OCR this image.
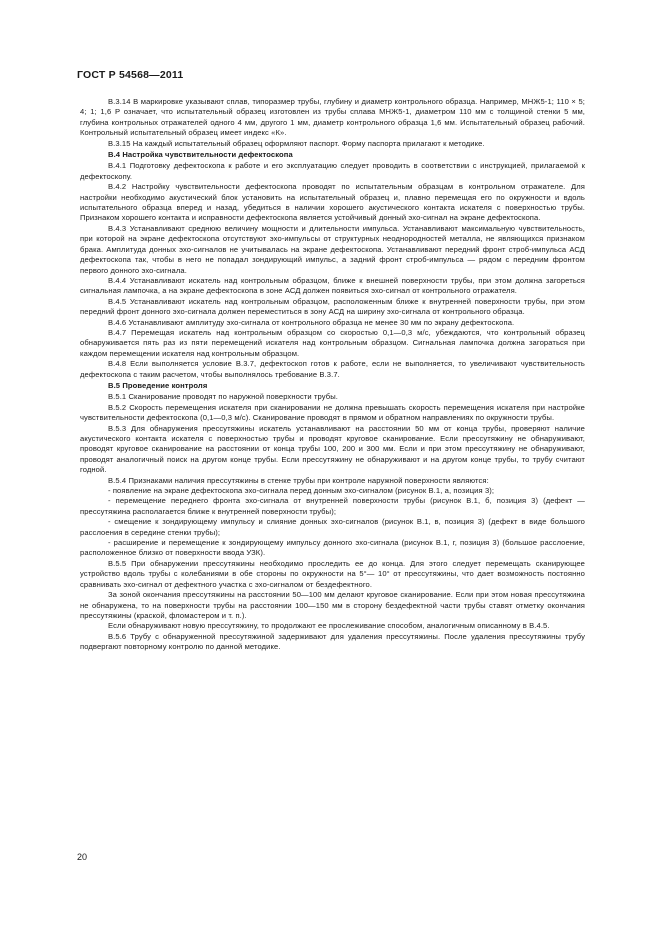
ГОСТ Р 54568—2011

В.3.14 В маркировке указывают сплав, типоразмер трубы, глубину и диаметр контрольного образца. Например, МНЖ5-1; 110 × 5; 4; 1; 1,6 Р означает, что испытательный образец изготовлен из трубы сплава МНЖ5-1, диаметром 110 мм с толщиной стенки 5 мм, глубина контрольных отражателей одного 4 мм, другого 1 мм, диаметр контрольного образца 1,6 мм. Испытательный образец рабочий. Контрольный испытательный образец имеет индекс «К».

В.3.15 На каждый испытательный образец оформляют паспорт. Форму паспорта прилагают к методике.

В.4 Настройка чувствительности дефектоскопа

В.4.1 Подготовку дефектоскопа к работе и его эксплуатацию следует проводить в соответствии с инструкцией, прилагаемой к дефектоскопу.

В.4.2 Настройку чувствительности дефектоскопа проводят по испытательным образцам в контрольном отражателе. Для настройки необходимо акустический блок установить на испытательный образец и, плавно перемещая его по окружности и вдоль испытательного образца вперед и назад, убедиться в наличии хорошего акустического контакта искателя с поверхностью трубы. Признаком хорошего контакта и исправности дефектоскопа является устойчивый донный эхо-сигнал на экране дефектоскопа.

В.4.3 Устанавливают среднюю величину мощности и длительности импульса. Устанавливают максимальную чувствительность, при которой на экране дефектоскопа отсутствуют эхо-импульсы от структурных неоднородностей металла, не являющихся признаком брака. Амплитуда донных эхо-сигналов не учитывалась на экране дефектоскопа. Устанавливают передний фронт строб-импульса АСД дефектоскопа так, чтобы в него не попадал зондирующий импульс, а задний фронт строб-импульса — рядом с передним фронтом первого донного эхо-сигнала.

В.4.4 Устанавливают искатель над контрольным образцом, ближе к внешней поверхности трубы, при этом должна загореться сигнальная лампочка, а на экране дефектоскопа в зоне АСД должен появиться эхо-сигнал от контрольного отражателя.

В.4.5 Устанавливают искатель над контрольным образцом, расположенным ближе к внутренней поверхности трубы, при этом передний фронт донного эхо-сигнала должен переместиться в зону АСД на ширину эхо-сигнала от контрольного образца.

В.4.6 Устанавливают амплитуду эхо-сигнала от контрольного образца не менее 30 мм по экрану дефектоскопа.

В.4.7 Перемещая искатель над контрольным образцом со скоростью 0,1—0,3 м/с, убеждаются, что контрольный образец обнаруживается пять раз из пяти перемещений искателя над контрольным образцом. Сигнальная лампочка должна загораться при каждом перемещении искателя над контрольным образцом.

В.4.8 Если выполняется условие В.3.7, дефектоскоп готов к работе, если не выполняется, то увеличивают чувствительность дефектоскопа с таким расчетом, чтобы выполнялось требование В.3.7.

В.5 Проведение контроля

В.5.1 Сканирование проводят по наружной поверхности трубы.

В.5.2 Скорость перемещения искателя при сканировании не должна превышать скорость перемещения искателя при настройке чувствительности дефектоскопа (0,1—0,3 м/с). Сканирование проводят в прямом и обратном направлениях по окружности трубы.

В.5.3 Для обнаружения прессутяжины искатель устанавливают на расстоянии 50 мм от конца трубы, проверяют наличие акустического контакта искателя с поверхностью трубы и проводят круговое сканирование. Если прессутяжину не обнаруживают, проводят круговое сканирование на расстоянии от конца трубы 100, 200 и 300 мм. Если и при этом прессутяжину не обнаруживают, проводят аналогичный поиск на другом конце трубы. Если прессутяжину не обнаруживают и на другом конце трубы, то трубу считают годной.

В.5.4 Признаками наличия прессутяжины в стенке трубы при контроле наружной поверхности являются:

- появление на экране дефектоскопа эхо-сигнала перед донным эхо-сигналом (рисунок В.1, а, позиция 3);

- перемещение переднего фронта эхо-сигнала от внутренней поверхности трубы (рисунок В.1, б, позиция 3) (дефект — прессутяжина располагается ближе к внутренней поверхности трубы);

- смещение к зондирующему импульсу и слияние донных эхо-сигналов (рисунок В.1, в, позиция 3) (дефект в виде большого расслоения в середине стенки трубы);

- расширение и перемещение к зондирующему импульсу донного эхо-сигнала (рисунок В.1, г, позиция 3) (большое расслоение, расположенное близко от поверхности ввода УЗК).

В.5.5 При обнаружении прессутяжины необходимо проследить ее до конца. Для этого следует перемещать сканирующее устройство вдоль трубы с колебаниями в обе стороны по окружности на 5°— 10° от прессутяжины, что дает возможность постоянно сравнивать эхо-сигнал от дефектного участка с эхо-сигналом от бездефектного.

За зоной окончания прессутяжины на расстоянии 50—100 мм делают круговое сканирование. Если при этом новая прессутяжина не обнаружена, то на поверхности трубы на расстоянии 100—150 мм в сторону бездефектной части трубы ставят отметку окончания прессутяжины (краской, фломастером и т. п.).

Если обнаруживают новую прессутяжину, то продолжают ее прослеживание способом, аналогичным описанному в В.4.5.

В.5.6 Трубу с обнаруженной прессутяжиной задерживают для удаления прессутяжины. После удаления прессутяжины трубу подвергают повторному контролю по данной методике.

20
